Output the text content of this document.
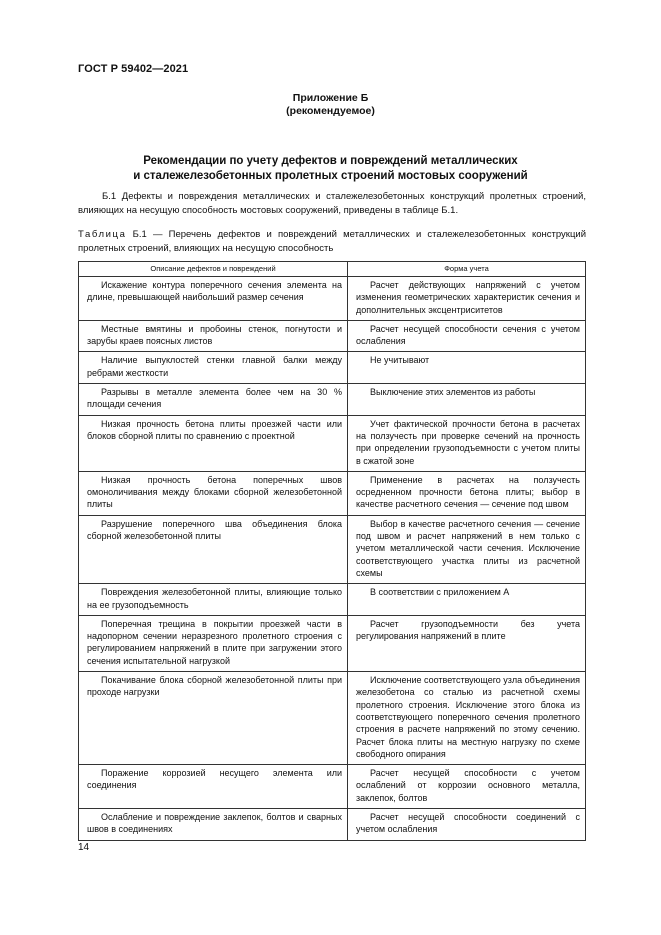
ГОСТ Р 59402—2021
Приложение Б
(рекомендуемое)
Рекомендации по учету дефектов и повреждений металлических
и сталежелезобетонных пролетных строений мостовых сооружений
Б.1 Дефекты и повреждения металлических и сталежелезобетонных конструкций пролетных строений, влияющих на несущую способность мостовых сооружений, приведены в таблице Б.1.
Таблица Б.1 — Перечень дефектов и повреждений металлических и сталежелезобетонных конструкций пролетных строений, влияющих на несущую способность
Описание дефектов и повреждений	Форма учета

Искажение контура поперечного сечения элемента на длине, превышающей наибольший размер сечения	Расчет действующих напряжений с учетом изменения геометрических характеристик сечения и дополнительных эксцентриситетов

Местные вмятины и пробоины стенок, погнутости и зарубы краев поясных листов	Расчет несущей способности сечения с учетом ослабления

Наличие выпуклостей стенки главной балки между ребрами жесткости	Не учитывают

Разрывы в металле элемента более чем на 30 % площади сечения	Выключение этих элементов из работы

Низкая прочность бетона плиты проезжей части или блоков сборной плиты по сравнению с проектной	Учет фактической прочности бетона в расчетах на ползучесть при проверке сечений на прочность при определении грузоподъемности с учетом плиты в сжатой зоне

Низкая прочность бетона поперечных швов омоноличивания между блоками сборной железобетонной плиты	Применение в расчетах на ползучесть осредненном прочности бетона плиты; выбор в качестве расчетного сечения — сечение под швом

Разрушение поперечного шва объединения блока сборной железобетонной плиты	Выбор в качестве расчетного сечения — сечение под швом и расчет напряжений в нем только с учетом металлической части сечения. Исключение соответствующего участка плиты из расчетной схемы

Повреждения железобетонной плиты, влияющие только на ее грузоподъемность	В соответствии с приложением А

Поперечная трещина в покрытии проезжей части в надопорном сечении неразрезного пролетного строения с регулированием напряжений в плите при загружении этого сечения испытательной нагрузкой	Расчет грузоподъемности без учета регулирования напряжений в плите

Покачивание блока сборной железобетонной плиты при проходе нагрузки	Исключение соответствующего узла объединения железобетона со сталью из расчетной схемы пролетного строения. Исключение этого блока из соответствующего поперечного сечения пролетного строения в расчете напряжений по этому сечению. Расчет блока плиты на местную нагрузку по схеме свободного опирания

Поражение коррозией несущего элемента или соединения	Расчет несущей способности с учетом ослаблений от коррозии основного металла, заклепок, болтов

Ослабление и повреждение заклепок, болтов и сварных швов в соединениях	Расчет несущей способности соединений с учетом ослабления
14
